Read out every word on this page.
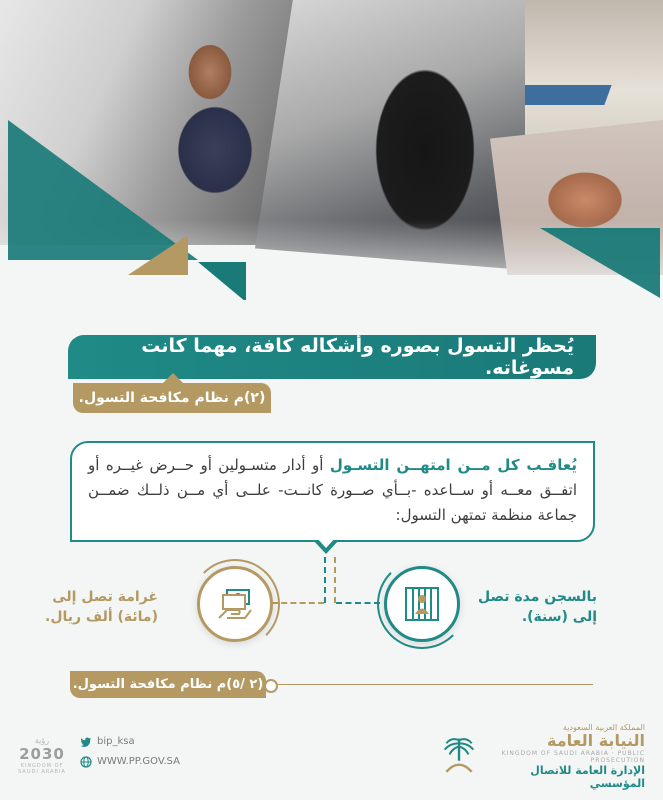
يُحظر التسول بصوره وأشكاله كافة، مهما كانت مسوغاته.
(٢)م نظام مكافحة التسول.
يُعاقـب كل مــن امتهــن التسـول أو أدار متسـولين أو حــرض غيــره أو اتفــق معــه أو ســاعده -بــأي صــورة كانــت- علــى أي مــن ذلــك ضمــن جماعة منظمة تمتهن التسول:
بالسجن مدة تصل
إلى (سنة).
غرامة تصل إلى
(مائة) ألف ريال.
(٢ /٥)م نظام مكافحة التسول.
المملكة العربية السعودية
النيابة العامة
KINGDOM OF SAUDI ARABIA · PUBLIC PROSECUTION
الإدارة العامة للاتصال المؤسسي
bip_ksa
WWW.PP.GOV.SA
رؤية
2030
KINGDOM OF SAUDI ARABIA
